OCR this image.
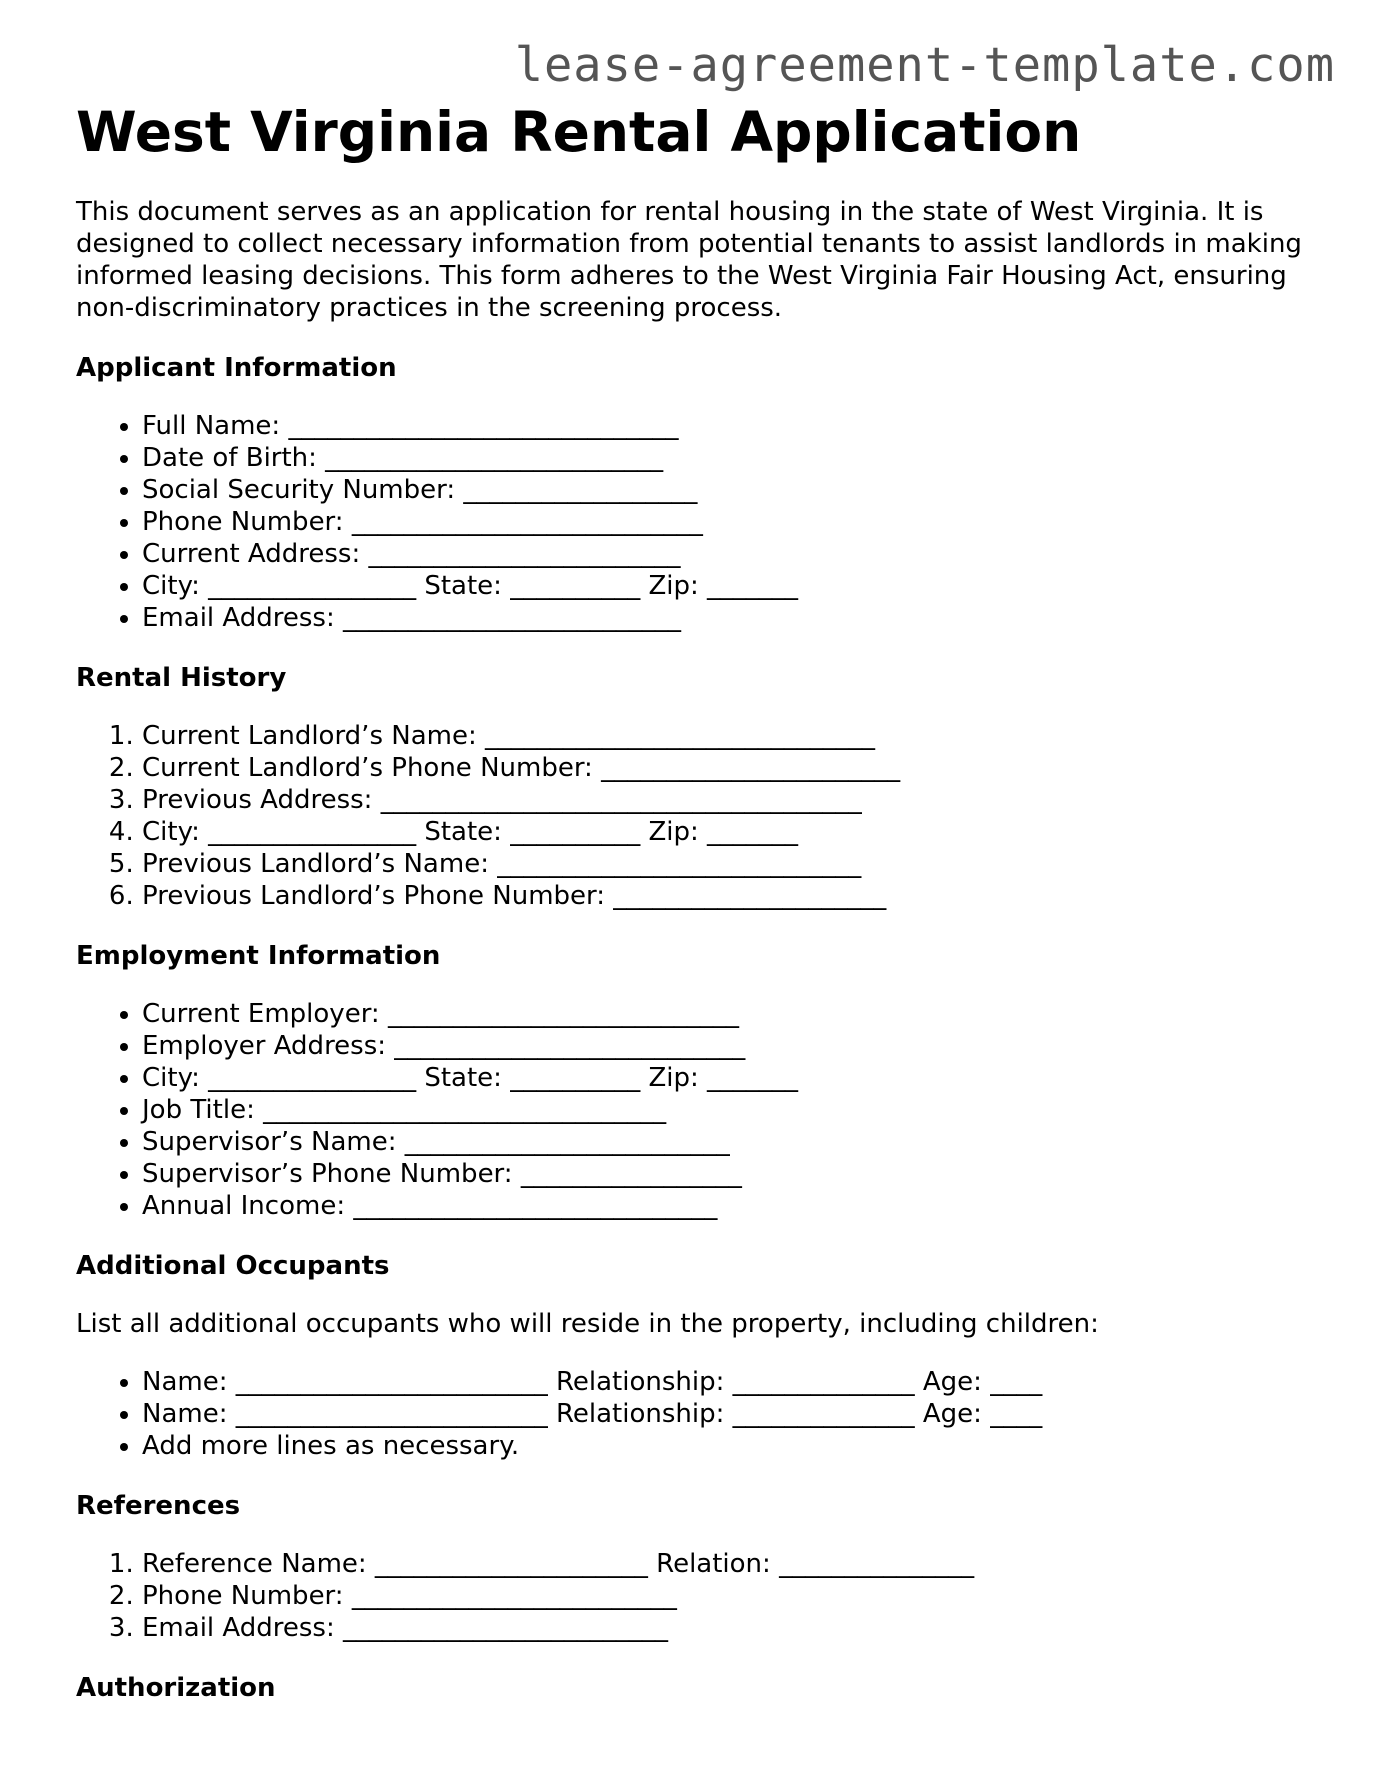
lease-agreement-template.com

West Virginia Rental Application

This document serves as an application for rental housing in the state of West Virginia. It is designed to collect necessary information from potential tenants to assist landlords in making informed leasing decisions. This form adheres to the West Virginia Fair Housing Act, ensuring non-discriminatory practices in the screening process.

Applicant Information
• Full Name: ______________________________
• Date of Birth: __________________________
• Social Security Number: __________________
• Phone Number: ___________________________
• Current Address: ________________________
• City: ________________ State: __________ Zip: _______
• Email Address: __________________________
Rental History
1. Current Landlord’s Name: ______________________________
2. Current Landlord’s Phone Number: _______________________
3. Previous Address: _____________________________________
4. City: ________________ State: __________ Zip: _______
5. Previous Landlord’s Name: ____________________________
6. Previous Landlord’s Phone Number: _____________________
Employment Information
• Current Employer: ___________________________
• Employer Address: ___________________________
• City: ________________ State: __________ Zip: _______
• Job Title: _______________________________
• Supervisor’s Name: _________________________
• Supervisor’s Phone Number: _________________
• Annual Income: ____________________________
Additional Occupants

List all additional occupants who will reside in the property, including children:

• Name: ________________________ Relationship: ______________ Age: ____
• Name: ________________________ Relationship: ______________ Age: ____
• Add more lines as necessary.
References
1. Reference Name: _____________________ Relation: _______________
2. Phone Number: _________________________
3. Email Address: _________________________
Authorization
